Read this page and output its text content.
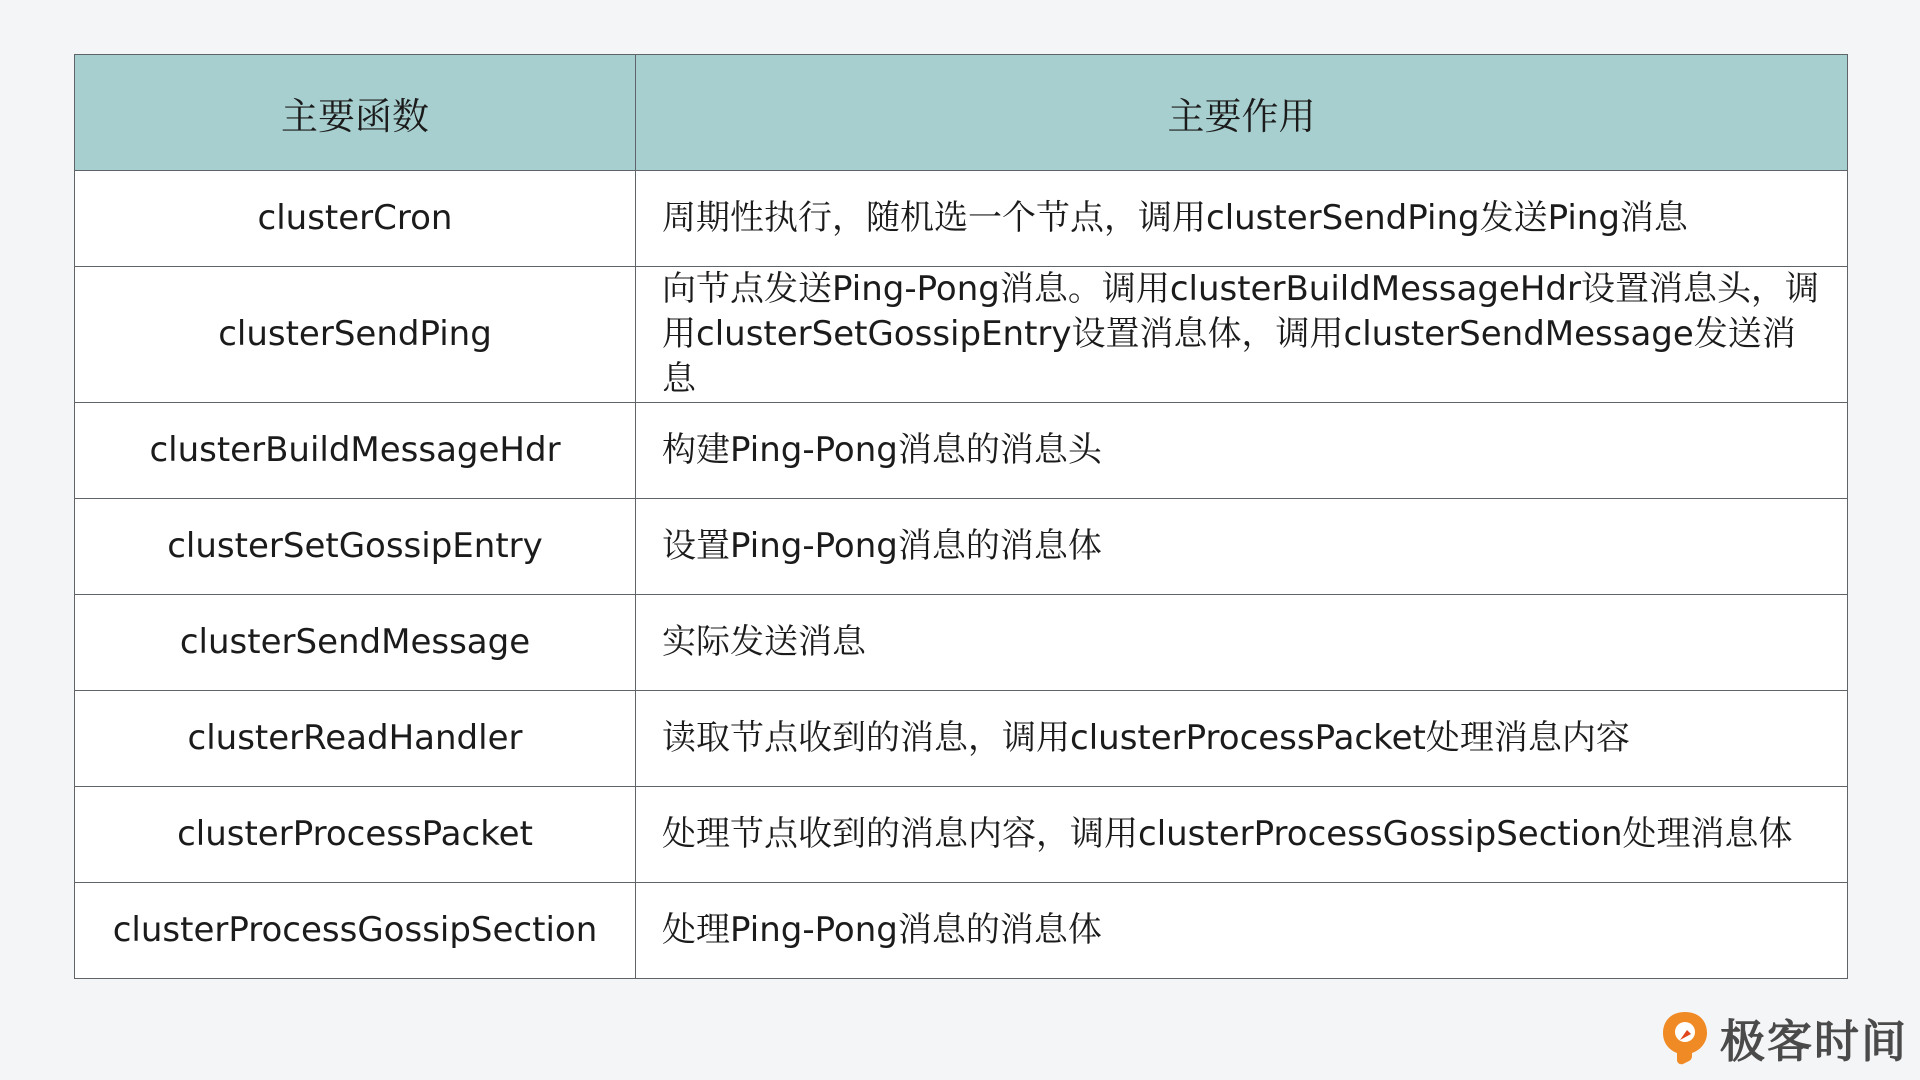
主要函数	主要作用
clusterCron	周期性执行，随机选一个节点，调用clusterSendPing发送Ping消息
clusterSendPing	向节点发送Ping-Pong消息。调用clusterBuildMessageHdr设置消息头，调用clusterSetGossipEntry设置消息体，调用clusterSendMessage发送消息
clusterBuildMessageHdr	构建Ping-Pong消息的消息头
clusterSetGossipEntry	设置Ping-Pong消息的消息体
clusterSendMessage	实际发送消息
clusterReadHandler	读取节点收到的消息，调用clusterProcessPacket处理消息内容
clusterProcessPacket	处理节点收到的消息内容，调用clusterProcessGossipSection处理消息体
clusterProcessGossipSection	处理Ping-Pong消息的消息体
极客时间
